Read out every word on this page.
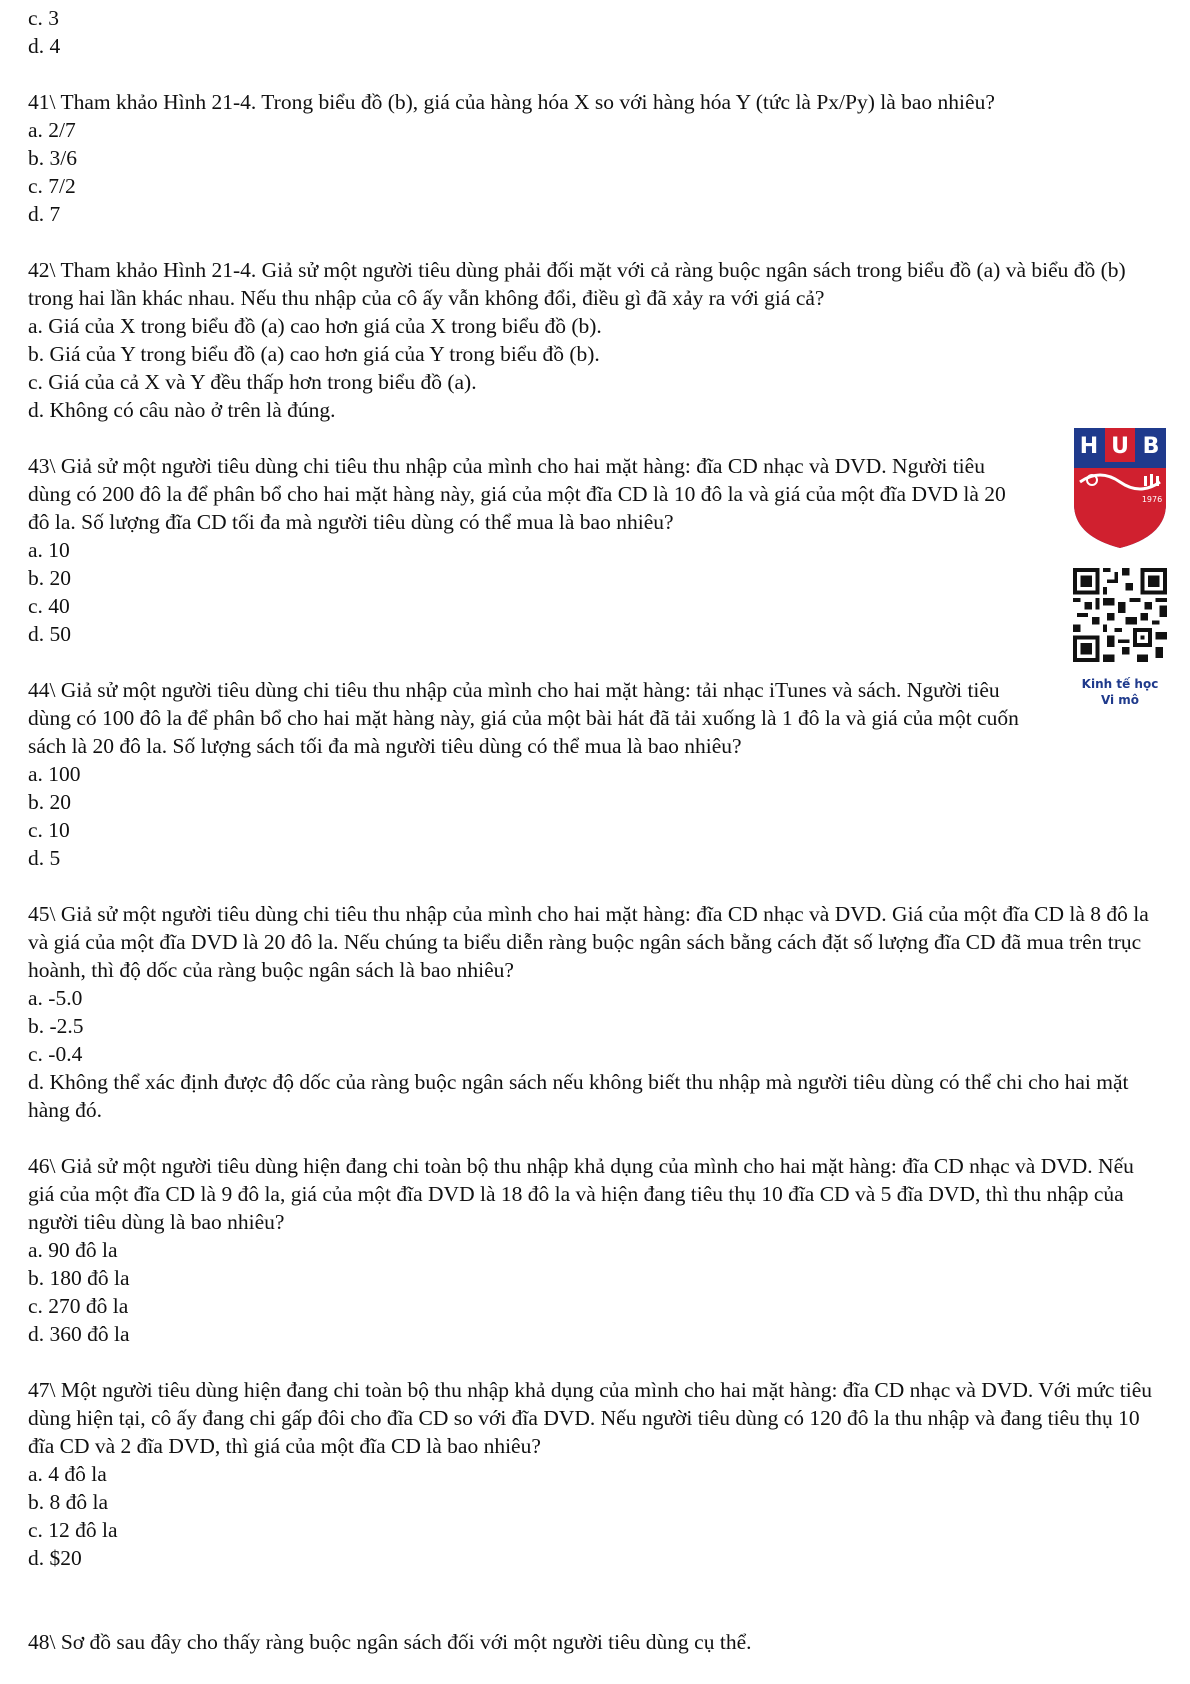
c. 3

d. 4

41\ Tham khảo Hình 21-4. Trong biểu đồ (b), giá của hàng hóa X so với hàng hóa Y (tức là Px/Py) là bao nhiêu?

a. 2/7

b. 3/6

c. 7/2

d. 7

42\ Tham khảo Hình 21-4. Giả sử một người tiêu dùng phải đối mặt với cả ràng buộc ngân sách trong biểu đồ (a) và biểu đồ (b) trong hai lần khác nhau. Nếu thu nhập của cô ấy vẫn không đổi, điều gì đã xảy ra với giá cả?

a. Giá của X trong biểu đồ (a) cao hơn giá của X trong biểu đồ (b).

b. Giá của Y trong biểu đồ (a) cao hơn giá của Y trong biểu đồ (b).

c. Giá của cả X và Y đều thấp hơn trong biểu đồ (a).

d. Không có câu nào ở trên là đúng.

43\ Giả sử một người tiêu dùng chi tiêu thu nhập của mình cho hai mặt hàng: đĩa CD nhạc và DVD. Người tiêu dùng có 200 đô la để phân bổ cho hai mặt hàng này, giá của một đĩa CD là 10 đô la và giá của một đĩa DVD là 20 đô la. Số lượng đĩa CD tối đa mà người tiêu dùng có thể mua là bao nhiêu?

a. 10

b. 20

c. 40

d. 50

44\ Giả sử một người tiêu dùng chi tiêu thu nhập của mình cho hai mặt hàng: tải nhạc iTunes và sách. Người tiêu dùng có 100 đô la để phân bổ cho hai mặt hàng này, giá của một bài hát đã tải xuống là 1 đô la và giá của một cuốn sách là 20 đô la. Số lượng sách tối đa mà người tiêu dùng có thể mua là bao nhiêu?

a. 100

b. 20

c. 10

d. 5

45\ Giả sử một người tiêu dùng chi tiêu thu nhập của mình cho hai mặt hàng: đĩa CD nhạc và DVD. Giá của một đĩa CD là 8 đô la và giá của một đĩa DVD là 20 đô la. Nếu chúng ta biểu diễn ràng buộc ngân sách bằng cách đặt số lượng đĩa CD đã mua trên trục hoành, thì độ dốc của ràng buộc ngân sách là bao nhiêu?

a. -5.0

b. -2.5

c. -0.4

d. Không thể xác định được độ dốc của ràng buộc ngân sách nếu không biết thu nhập mà người tiêu dùng có thể chi cho hai mặt hàng đó.

46\ Giả sử một người tiêu dùng hiện đang chi toàn bộ thu nhập khả dụng của mình cho hai mặt hàng: đĩa CD nhạc và DVD. Nếu giá của một đĩa CD là 9 đô la, giá của một đĩa DVD là 18 đô la và hiện đang tiêu thụ 10 đĩa CD và 5 đĩa DVD, thì thu nhập của người tiêu dùng là bao nhiêu?

a. 90 đô la

b. 180 đô la

c. 270 đô la

d. 360 đô la

47\ Một người tiêu dùng hiện đang chi toàn bộ thu nhập khả dụng của mình cho hai mặt hàng: đĩa CD nhạc và DVD. Với mức tiêu dùng hiện tại, cô ấy đang chi gấp đôi cho đĩa CD so với đĩa DVD. Nếu người tiêu dùng có 120 đô la thu nhập và đang tiêu thụ 10 đĩa CD và 2 đĩa DVD, thì giá của một đĩa CD là bao nhiêu?

a. 4 đô la

b. 8 đô la

c. 12 đô la

d. $20

48\ Sơ đồ sau đây cho thấy ràng buộc ngân sách đối với một người tiêu dùng cụ thể.

H U B
1976
Kinh tế học
Vi mô
